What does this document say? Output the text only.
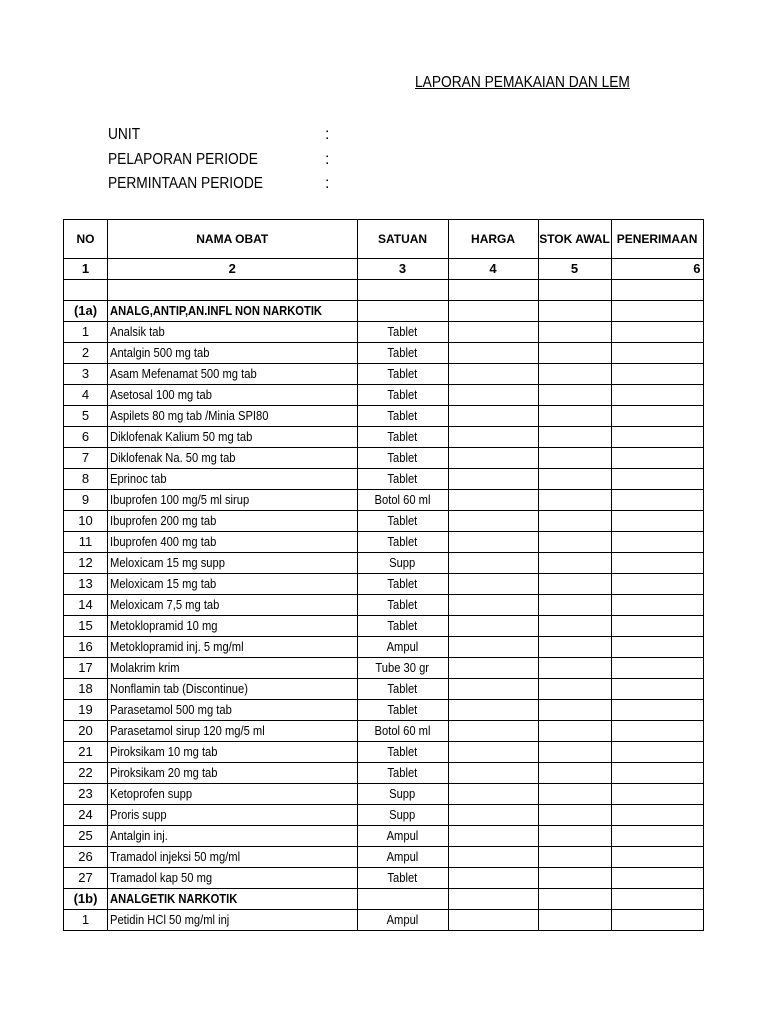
LAPORAN PEMAKAIAN DAN LEM
UNIT	:
PELAPORAN PERIODE	:
PERMINTAAN PERIODE	:
NO	NAMA OBAT	SATUAN	HARGA	STOK AWAL	PENERIMAAN
1	2	3	4	5	6

(1a)	ANALG,ANTIP,AN.INFL NON NARKOTIK				
1	Analsik tab	Tablet			
2	Antalgin 500 mg tab	Tablet			
3	Asam Mefenamat 500 mg tab	Tablet			
4	Asetosal 100 mg tab	Tablet			
5	Aspilets 80 mg tab /Minia SPI80	Tablet			
6	Diklofenak Kalium 50 mg tab	Tablet			
7	Diklofenak Na. 50 mg tab	Tablet			
8	Eprinoc tab	Tablet			
9	Ibuprofen 100 mg/5 ml sirup	Botol 60 ml			
10	Ibuprofen 200 mg tab	Tablet			
11	Ibuprofen 400 mg tab	Tablet			
12	Meloxicam 15 mg supp	Supp			
13	Meloxicam 15 mg tab	Tablet			
14	Meloxicam 7,5 mg tab	Tablet			
15	Metoklopramid 10 mg	Tablet			
16	Metoklopramid inj. 5 mg/ml	Ampul			
17	Molakrim krim	Tube 30 gr			
18	Nonflamin tab (Discontinue)	Tablet			
19	Parasetamol 500 mg tab	Tablet			
20	Parasetamol sirup 120 mg/5 ml	Botol 60 ml			
21	Piroksikam 10 mg tab	Tablet			
22	Piroksikam 20 mg tab	Tablet			
23	Ketoprofen supp	Supp			
24	Proris supp	Supp			
25	Antalgin inj.	Ampul			
26	Tramadol injeksi 50 mg/ml	Ampul			
27	Tramadol kap 50 mg	Tablet			
(1b)	ANALGETIK NARKOTIK				
1	Petidin HCl 50 mg/ml inj	Ampul			
